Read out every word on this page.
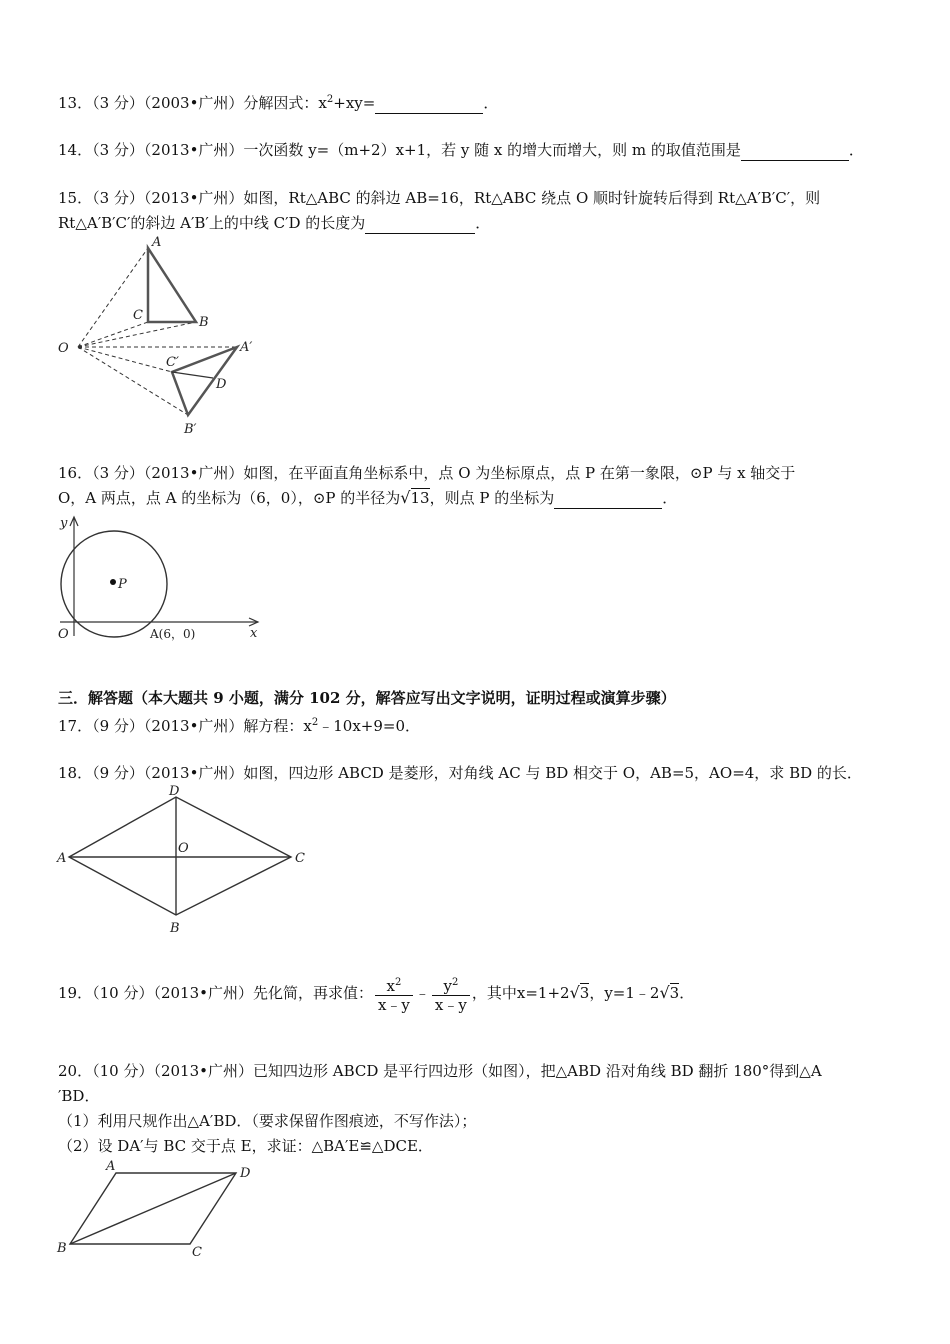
13．（3 分）（2003•广州）分解因式：$x^2+xy=$	．
14．（3 分）（2013•广州）一次函数 y=（m+2）x+1，若 y 随 x 的增大而增大，则 m 的取值范围是	．
15．（3 分）（2013•广州）如图，Rt△ABC 的斜边 AB=16，Rt△ABC 绕点 O 顺时针旋转后得到 Rt△A′B′C′，则
Rt△A′B′C′的斜边 A′B′上的中线 C′D 的长度为	．
A
C	B
O	A′
C′
D
B′
16．（3 分）（2013•广州）如图，在平面直角坐标系中，点 O 为坐标原点，点 P 在第一象限，⊙P 与 x 轴交于
O，A 两点，点 A 的坐标为（6，0），⊙P 的半径为√13，则点 P 的坐标为	．
y
x
O
P
A(6，0)
三．解答题（本大题共 9 小题，满分 102 分，解答应写出文字说明，证明过程或演算步骤）
17．（9 分）（2013•广州）解方程：$x^2﹣10x+9=0$．
18．（9 分）（2013•广州）如图，四边形 ABCD 是菱形，对角线 AC 与 BD 相交于 O，AB=5，AO=4，求 BD 的长．
D
A	C
O
B
19．（10 分）（2013•广州）先化简，再求值： $\frac{x^2}{x﹣y}$ ﹣ $\frac{y^2}{x﹣y}$ ，其中x=1+2√3，y=1﹣2√3．
20．（10 分）（2013•广州）已知四边形 ABCD 是平行四边形（如图），把△ABD 沿对角线 BD 翻折 180°得到△A
′BD．
（1）利用尺规作出△A′BD．（要求保留作图痕迹，不写作法）；
（2）设 DA′与 BC 交于点 E，求证：△BA′E≌△DCE．
A	D
B	C
